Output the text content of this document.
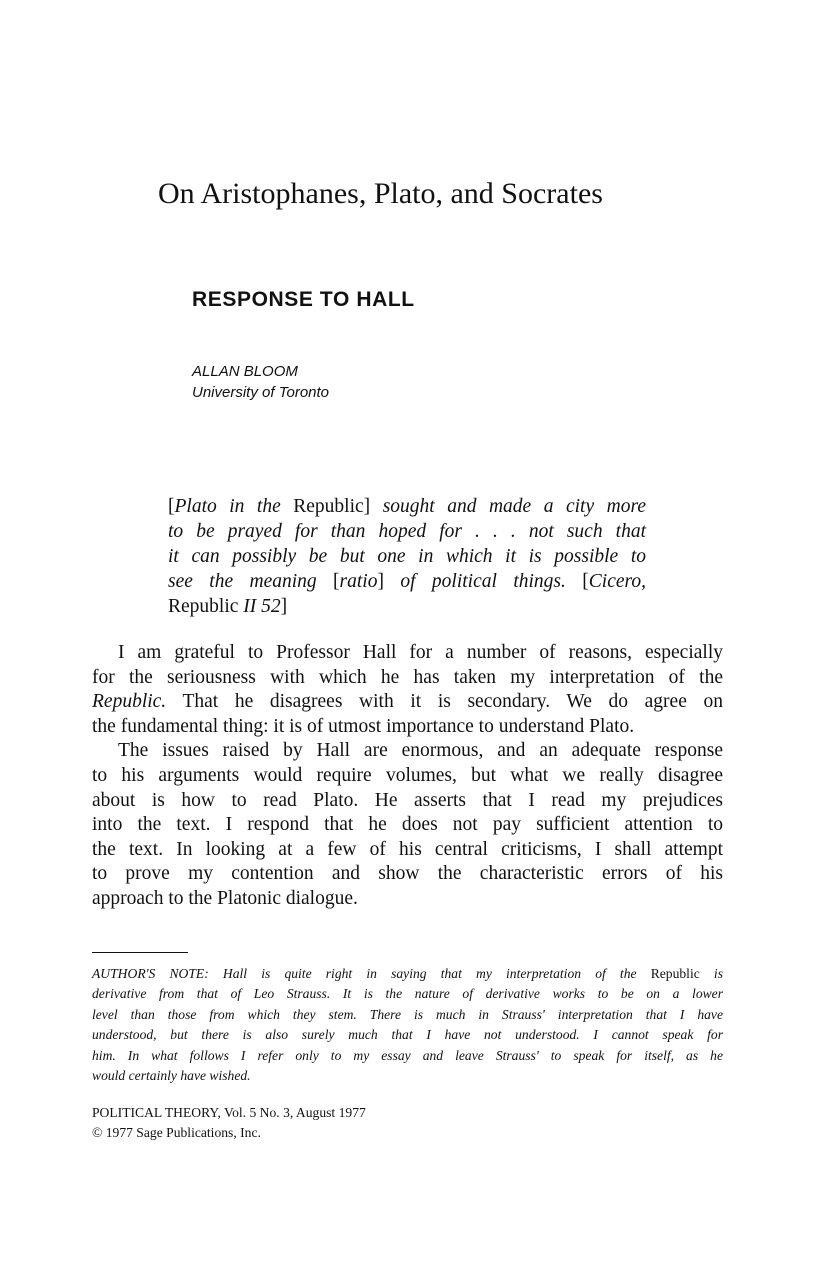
On Aristophanes, Plato, and Socrates
RESPONSE TO HALL
ALLAN BLOOM
University of Toronto
[Plato in the Republic] sought and made a city more
to be prayed for than hoped for . . . not such that
it can possibly be but one in which it is possible to
see the meaning [ratio] of political things. [Cicero,
Republic II 52]
I am grateful to Professor Hall for a number of reasons, especially
for the seriousness with which he has taken my interpretation of the
Republic. That he disagrees with it is secondary. We do agree on
the fundamental thing: it is of utmost importance to understand Plato.
The issues raised by Hall are enormous, and an adequate response
to his arguments would require volumes, but what we really disagree
about is how to read Plato. He asserts that I read my prejudices
into the text. I respond that he does not pay sufficient attention to
the text. In looking at a few of his central criticisms, I shall attempt
to prove my contention and show the characteristic errors of his
approach to the Platonic dialogue.
AUTHOR'S NOTE: Hall is quite right in saying that my interpretation of the Republic is
derivative from that of Leo Strauss. It is the nature of derivative works to be on a lower
level than those from which they stem. There is much in Strauss' interpretation that I have
understood, but there is also surely much that I have not understood. I cannot speak for
him. In what follows I refer only to my essay and leave Strauss' to speak for itself, as he
would certainly have wished.
POLITICAL THEORY, Vol. 5 No. 3, August 1977
© 1977 Sage Publications, Inc.
